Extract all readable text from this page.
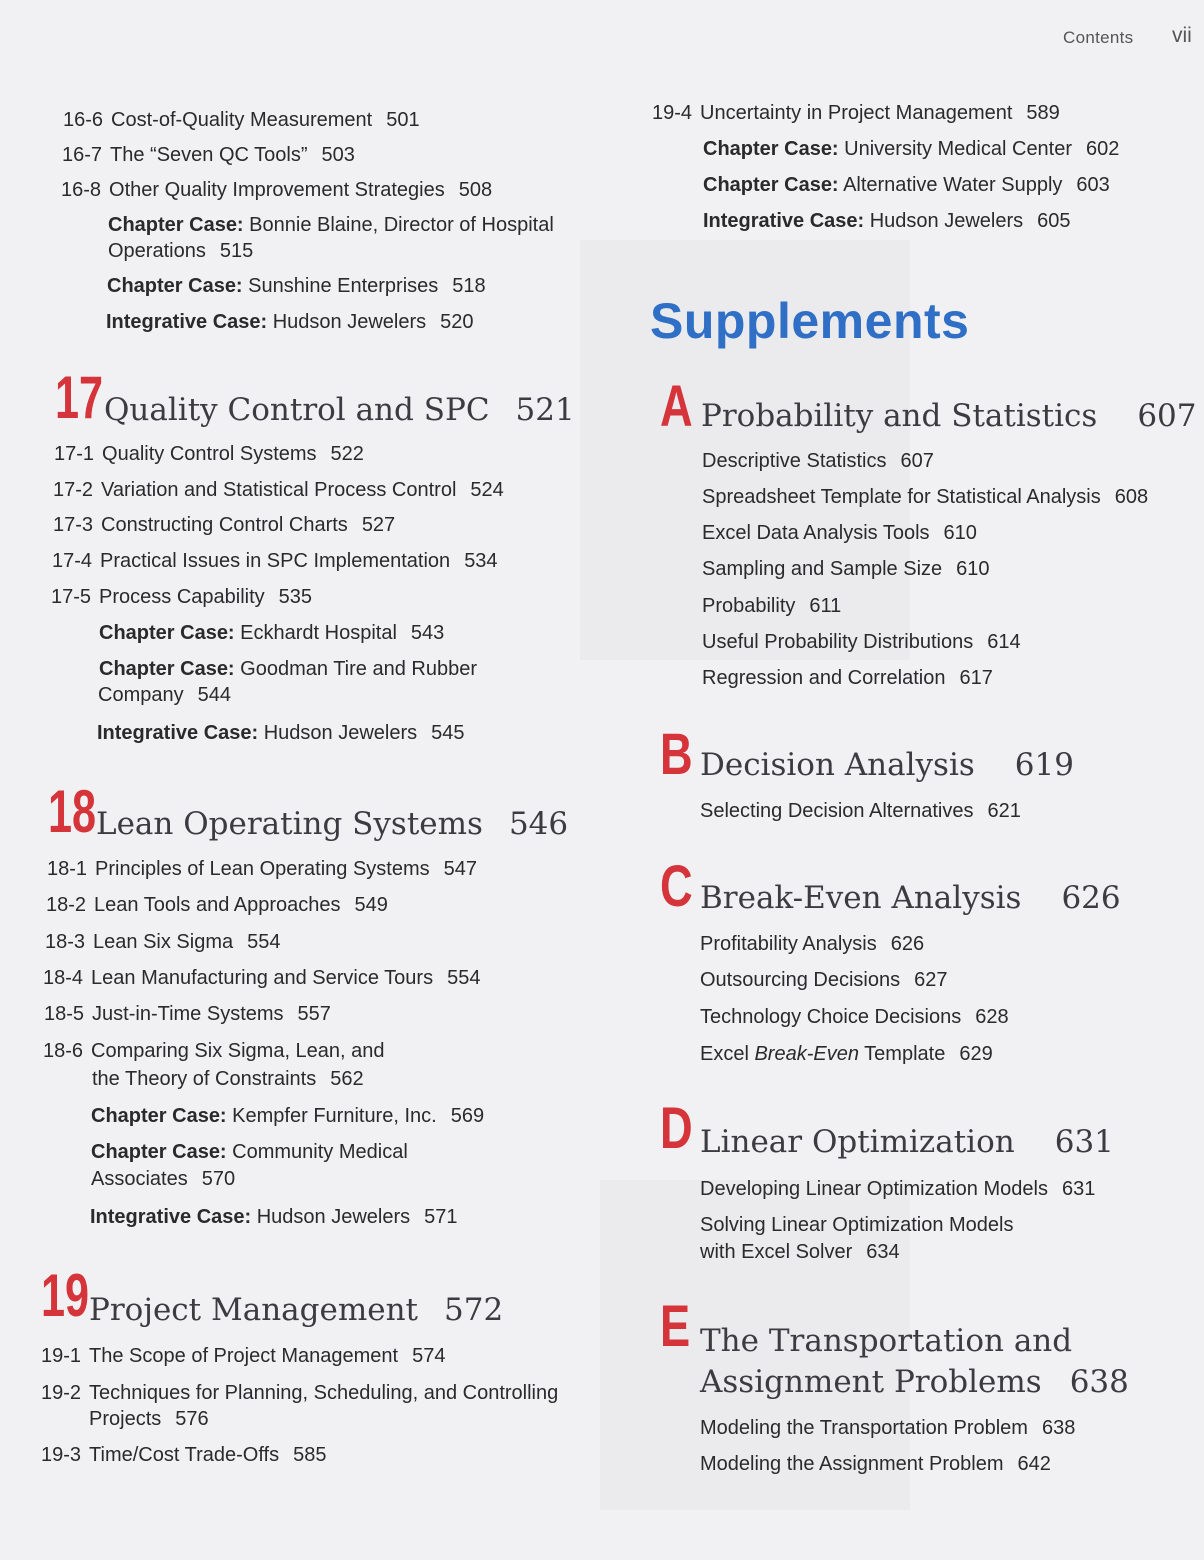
Contents vii
16-6 Cost-of-Quality Measurement 501
16-7 The “Seven QC Tools” 503
16-8 Other Quality Improvement Strategies 508
Chapter Case: Bonnie Blaine, Director of Hospital
Operations 515
Chapter Case: Sunshine Enterprises 518
Integrative Case: Hudson Jewelers 520
17 Quality Control and SPC 521
17-1 Quality Control Systems 522
17-2 Variation and Statistical Process Control 524
17-3 Constructing Control Charts 527
17-4 Practical Issues in SPC Implementation 534
17-5 Process Capability 535
Chapter Case: Eckhardt Hospital 543
Chapter Case: Goodman Tire and Rubber
Company 544
Integrative Case: Hudson Jewelers 545
18 Lean Operating Systems 546
18-1 Principles of Lean Operating Systems 547
18-2 Lean Tools and Approaches 549
18-3 Lean Six Sigma 554
18-4 Lean Manufacturing and Service Tours 554
18-5 Just-in-Time Systems 557
18-6 Comparing Six Sigma, Lean, and
the Theory of Constraints 562
Chapter Case: Kempfer Furniture, Inc. 569
Chapter Case: Community Medical
Associates 570
Integrative Case: Hudson Jewelers 571
19 Project Management 572
19-1 The Scope of Project Management 574
19-2 Techniques for Planning, Scheduling, and Controlling
Projects 576
19-3 Time/Cost Trade-Offs 585
19-4 Uncertainty in Project Management 589
Chapter Case: University Medical Center 602
Chapter Case: Alternative Water Supply 603
Integrative Case: Hudson Jewelers 605
Supplements
A Probability and Statistics 607
Descriptive Statistics 607
Spreadsheet Template for Statistical Analysis 608
Excel Data Analysis Tools 610
Sampling and Sample Size 610
Probability 611
Useful Probability Distributions 614
Regression and Correlation 617
B Decision Analysis 619
Selecting Decision Alternatives 621
C Break-Even Analysis 626
Profitability Analysis 626
Outsourcing Decisions 627
Technology Choice Decisions 628
Excel Break-Even Template 629
D Linear Optimization 631
Developing Linear Optimization Models 631
Solving Linear Optimization Models
with Excel Solver 634
E The Transportation and
Assignment Problems 638
Modeling the Transportation Problem 638
Modeling the Assignment Problem 642
